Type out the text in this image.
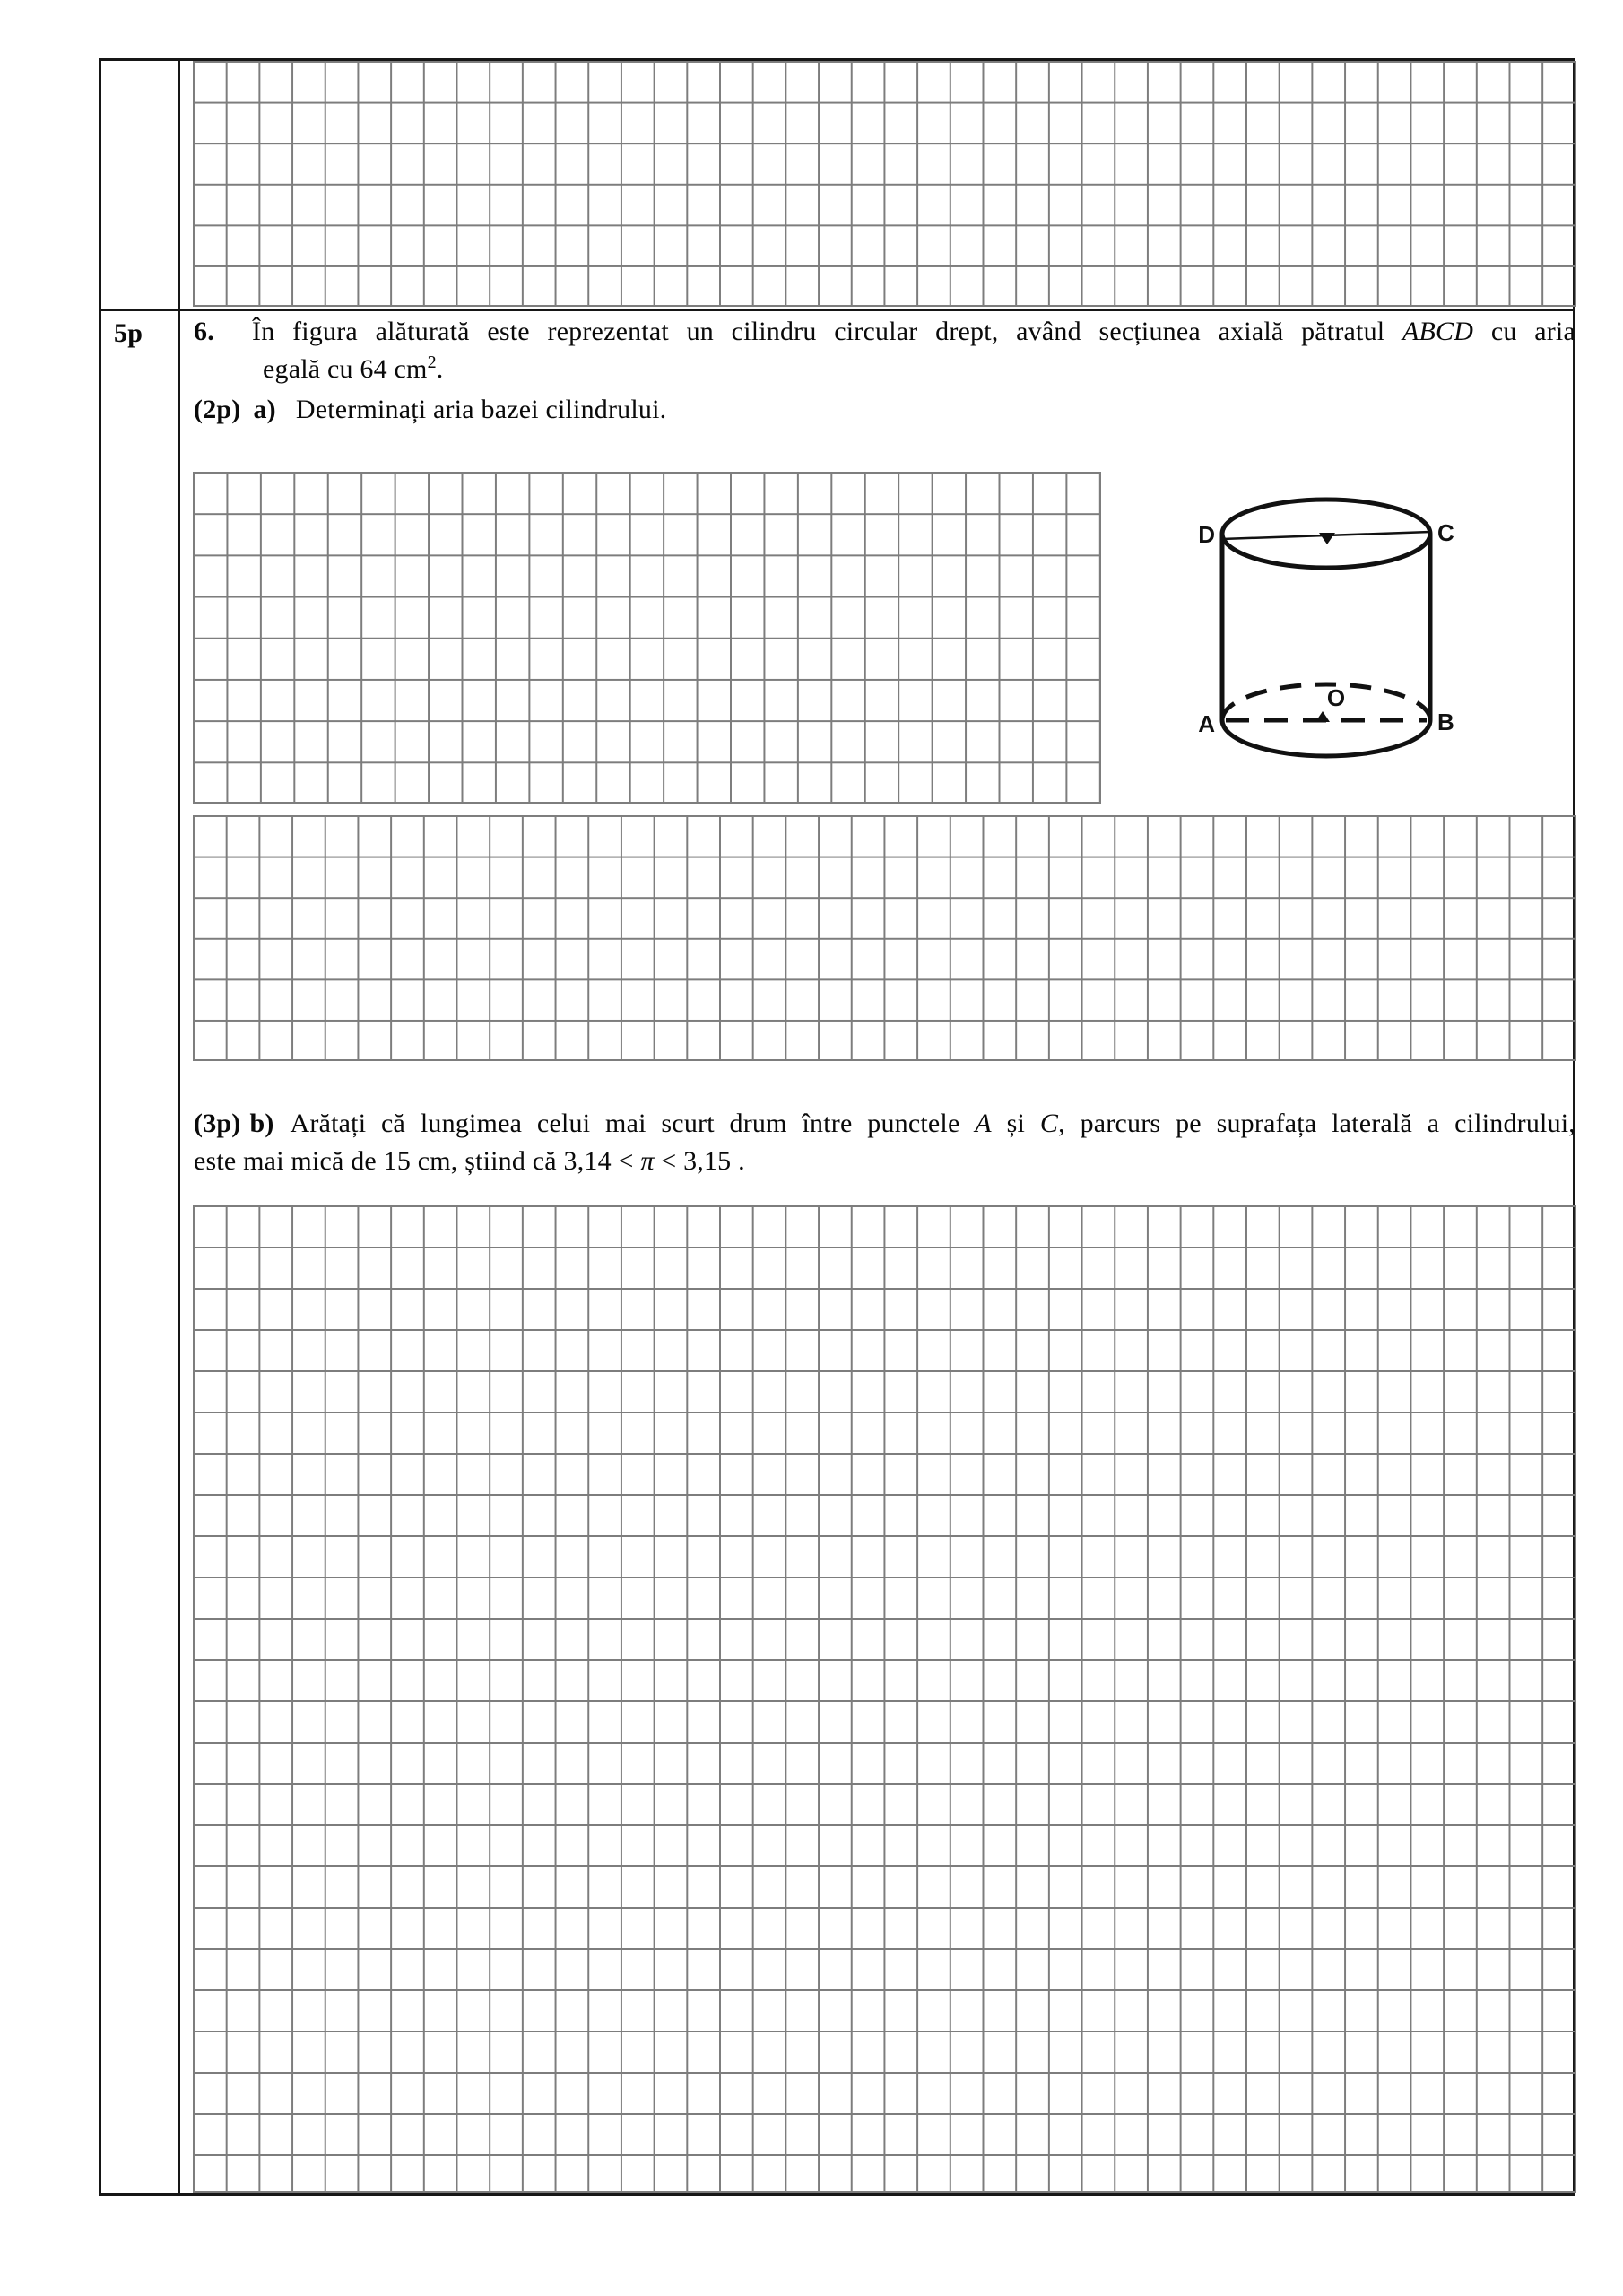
5p 6. În figura alăturată este reprezentat un cilindru circular drept, având secțiunea axială pătratul ABCD cu aria
egală cu 64 $cm^2$.
(2p) a) Determinați aria bazei cilindrului.
D	C
A	B
O
(3p) b) Arătați că lungimea celui mai scurt drum între punctele A și C, parcurs pe suprafața laterală a cilindrului,
este mai mică de 15 cm, știind că 3,14 < π < 3,15 .
